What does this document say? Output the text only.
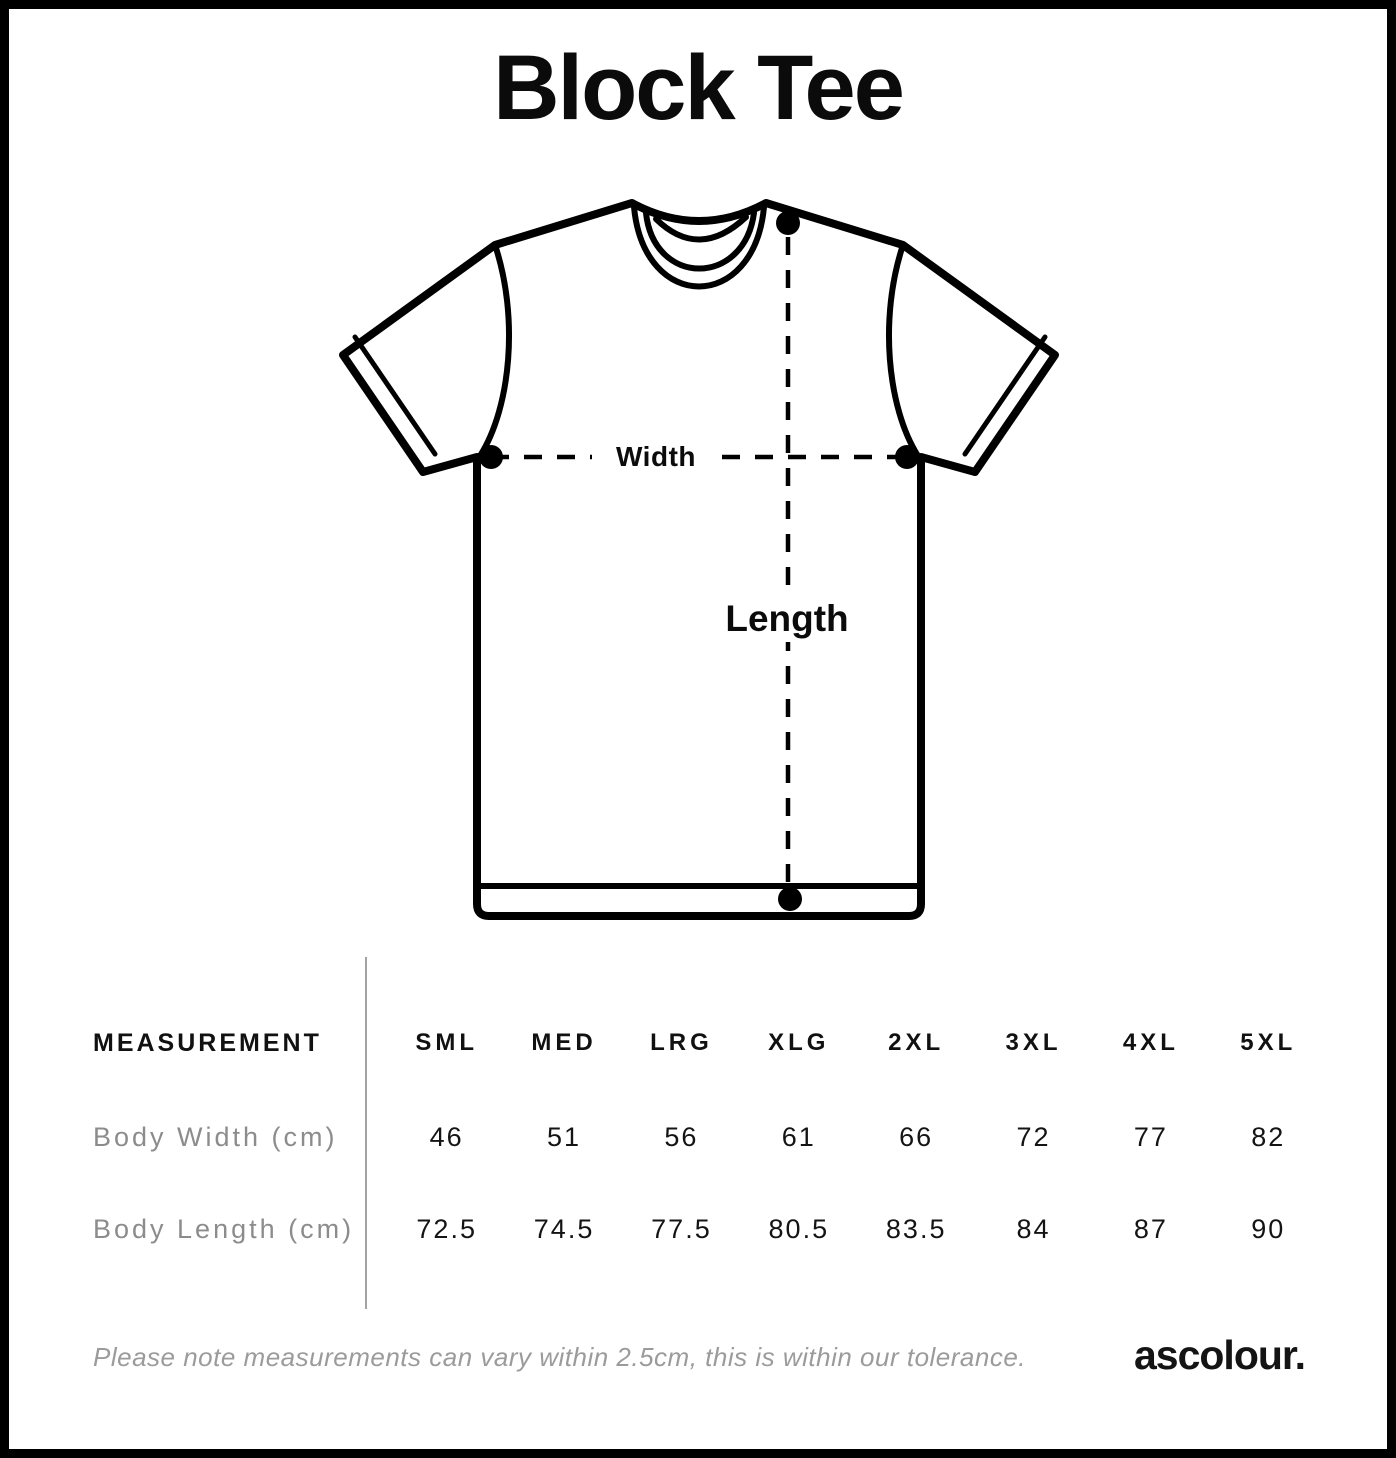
Block Tee
Width
Length
MEASUREMENT	SML	MED	LRG	XLG	2XL	3XL	4XL	5XL
Body Width (cm)	46	51	56	61	66	72	77	82
Body Length (cm)	72.5	74.5	77.5	80.5	83.5	84	87	90
Please note measurements can vary within 2.5cm, this is within our tolerance.	ascolour.
